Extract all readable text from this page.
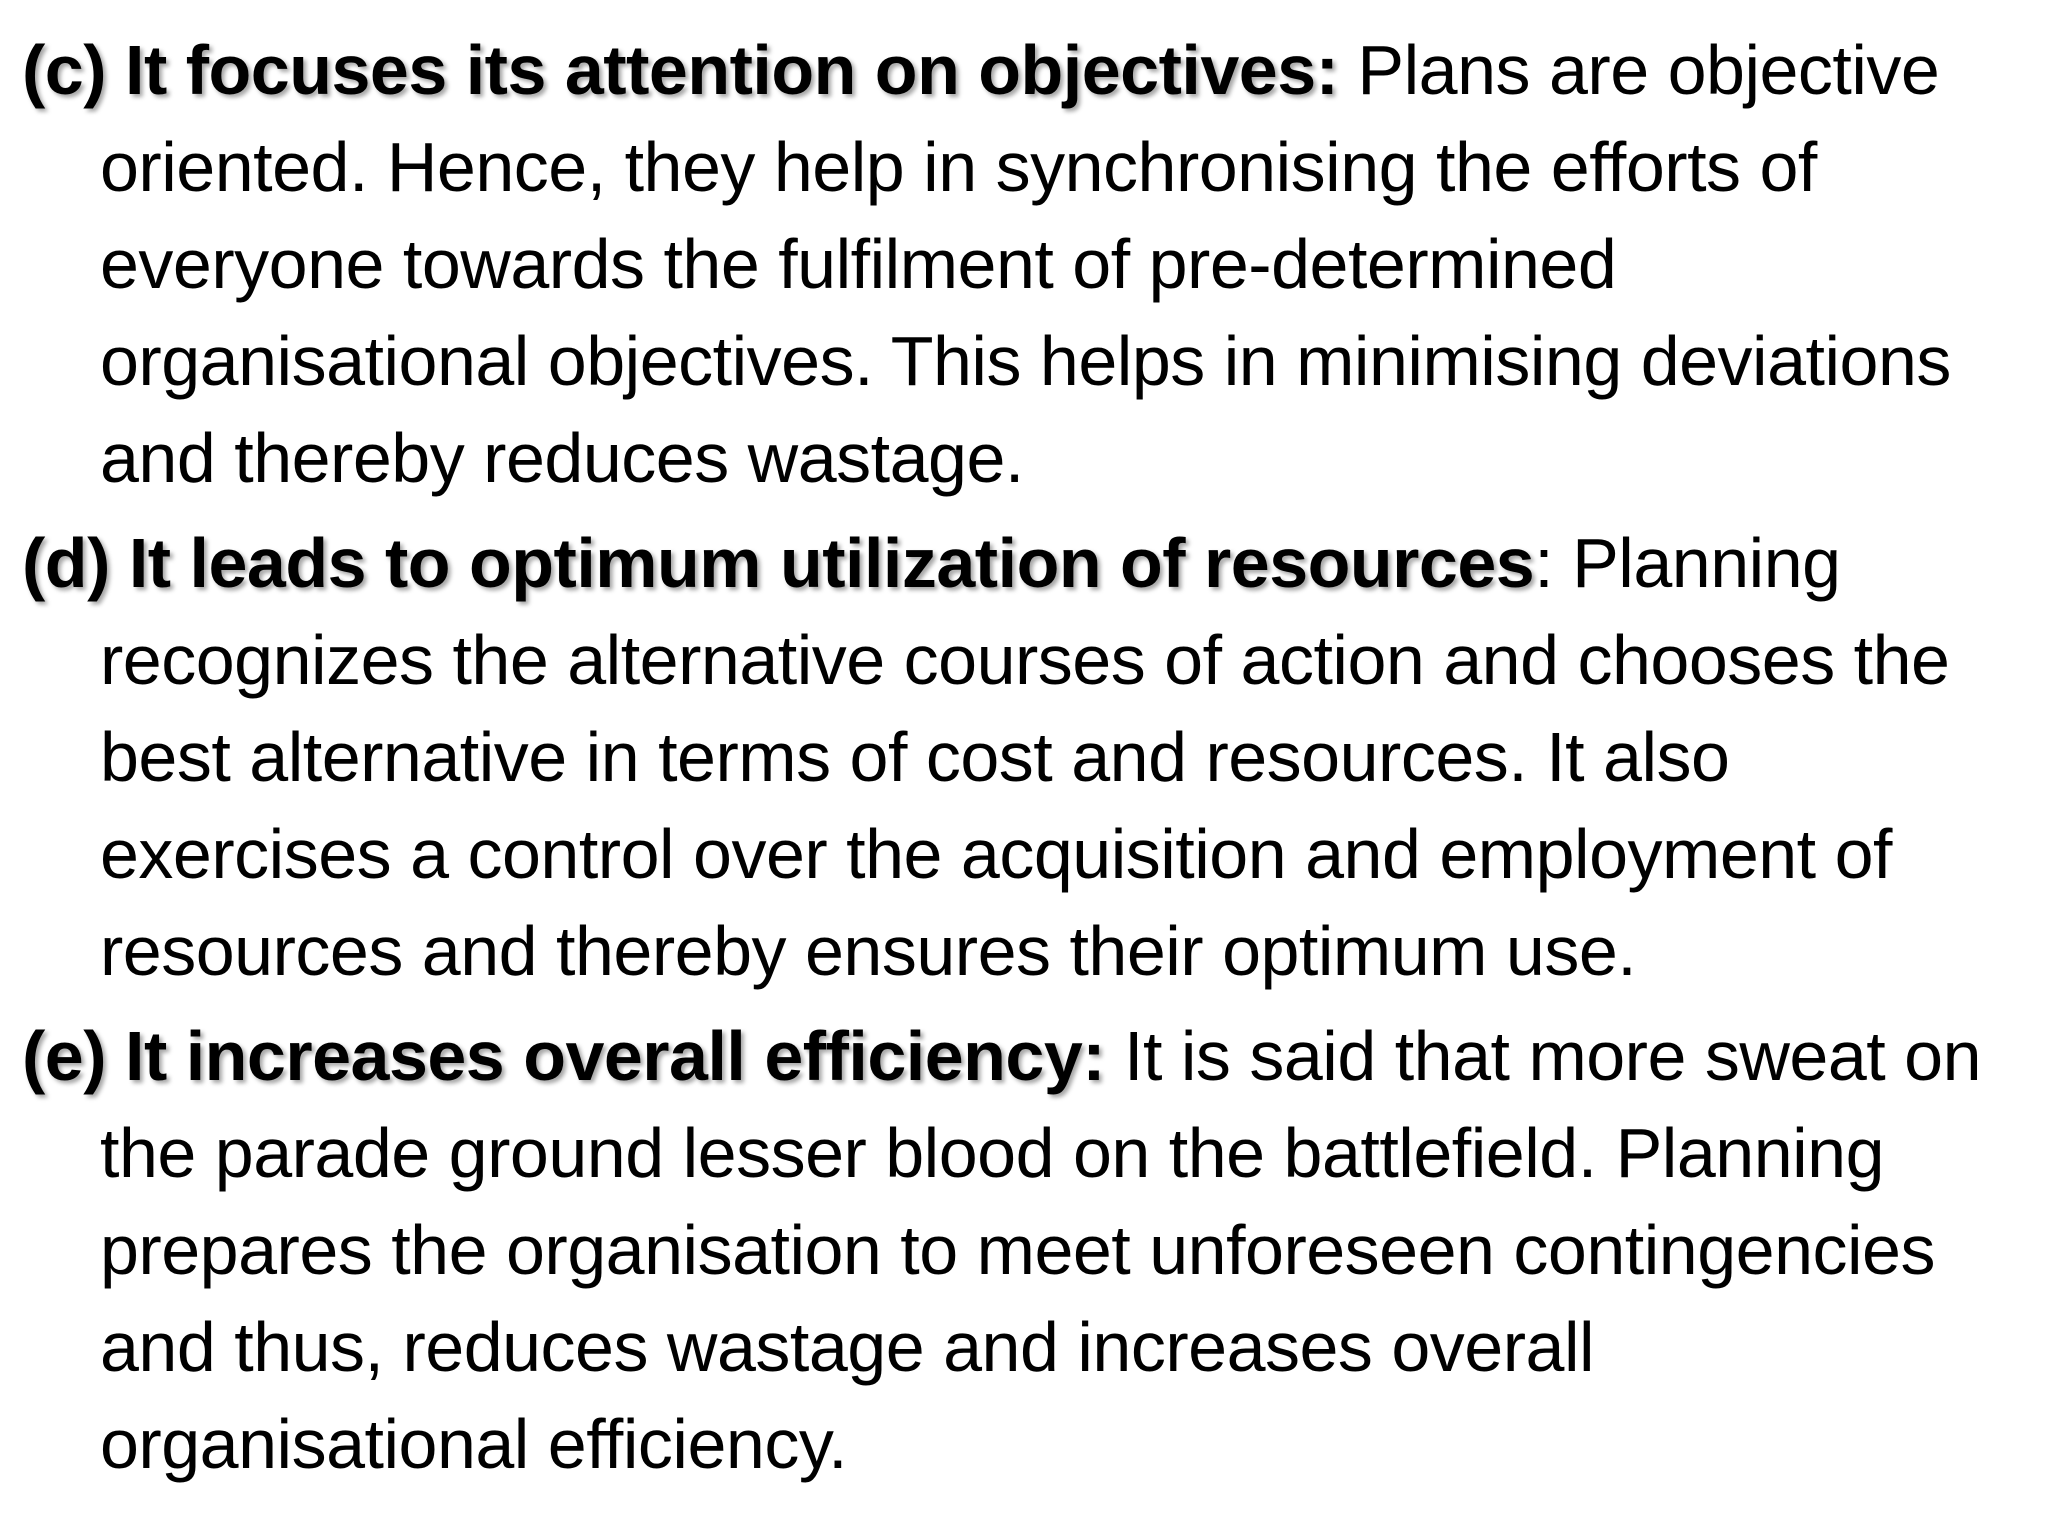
(c) It focuses its attention on objectives: Plans are objective oriented. Hence, they help in synchronising the efforts of everyone towards the fulfilment of pre-determined organisational objectives. This helps in minimising deviations and thereby reduces wastage.

(d) It leads to optimum utilization of resources: Planning recognizes the alternative courses of action and chooses the best alternative in terms of cost and resources. It also exercises a control over the acquisition and employment of resources and thereby ensures their optimum use.

(e) It increases overall efficiency: It is said that more sweat on the parade ground lesser blood on the battlefield. Planning prepares the organisation to meet unforeseen contingencies and thus, reduces wastage and increases overall organisational efficiency.
